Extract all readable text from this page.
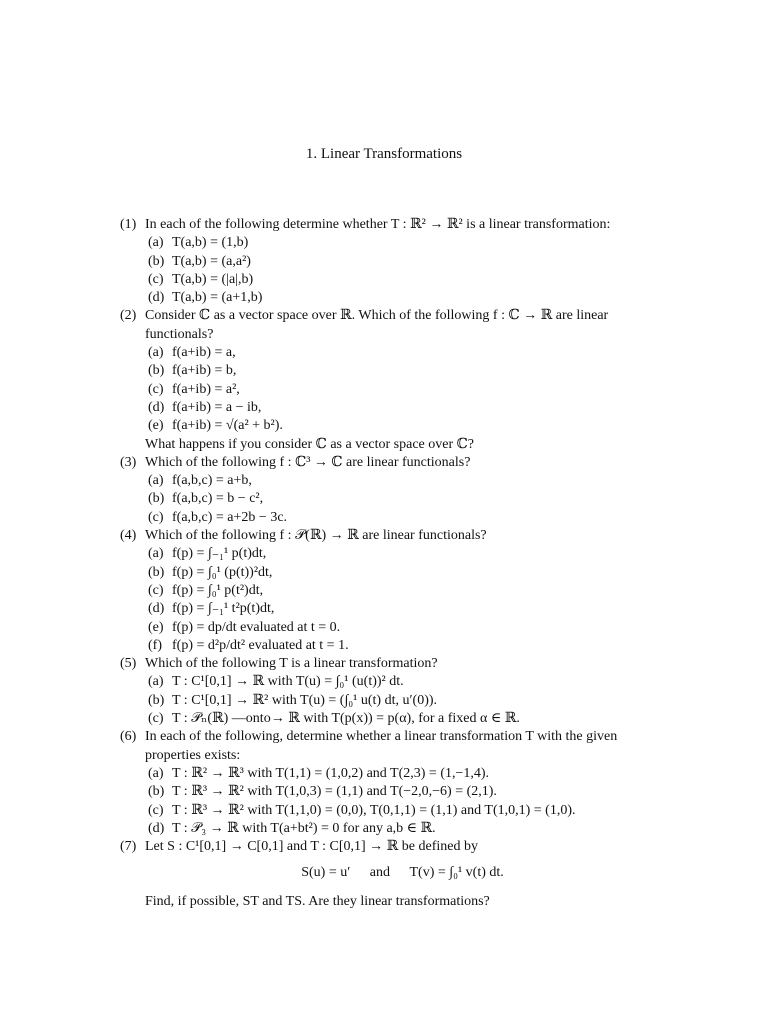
1. Linear Transformations
(1) In each of the following determine whether T : ℝ² → ℝ² is a linear transformation:
(a) T(a,b) = (1,b)
(b) T(a,b) = (a,a²)
(c) T(a,b) = (|a|,b)
(d) T(a,b) = (a+1,b)
(2) Consider ℂ as a vector space over ℝ. Which of the following f : ℂ → ℝ are linear functionals?
(a) f(a+ib) = a,
(b) f(a+ib) = b,
(c) f(a+ib) = a²,
(d) f(a+ib) = a − ib,
(e) f(a+ib) = √(a² + b²).
What happens if you consider ℂ as a vector space over ℂ?
(3) Which of the following f : ℂ³ → ℂ are linear functionals?
(a) f(a,b,c) = a+b,
(b) f(a,b,c) = b − c²,
(c) f(a,b,c) = a+2b − 3c.
(4) Which of the following f : 𝒫(ℝ) → ℝ are linear functionals?
(a) f(p) = ∫₋₁¹ p(t)dt,
(b) f(p) = ∫₀¹ (p(t))²dt,
(c) f(p) = ∫₀¹ p(t²)dt,
(d) f(p) = ∫₋₁¹ t²p(t)dt,
(e) f(p) = dp/dt evaluated at t = 0.
(f) f(p) = d²p/dt² evaluated at t = 1.
(5) Which of the following T is a linear transformation?
(a) T : C¹[0,1] → ℝ with T(u) = ∫₀¹ (u(t))² dt.
(b) T : C¹[0,1] → ℝ² with T(u) = (∫₀¹ u(t) dt, u′(0)).
(c) T : 𝒫ₙ(ℝ) —onto→ ℝ with T(p(x)) = p(α), for a fixed α ∈ ℝ.
(6) In each of the following, determine whether a linear transformation T with the given properties exists:
(a) T : ℝ² → ℝ³ with T(1,1) = (1,0,2) and T(2,3) = (1,−1,4).
(b) T : ℝ³ → ℝ² with T(1,0,3) = (1,1) and T(−2,0,−6) = (2,1).
(c) T : ℝ³ → ℝ² with T(1,1,0) = (0,0), T(0,1,1) = (1,1) and T(1,0,1) = (1,0).
(d) T : 𝒫₃ → ℝ with T(a+bt²) = 0 for any a,b ∈ ℝ.
(7) Let S : C¹[0,1] → C[0,1] and T : C[0,1] → ℝ be defined by
S(u) = u′ and T(v) = ∫₀¹ v(t) dt.
Find, if possible, ST and TS. Are they linear transformations?
